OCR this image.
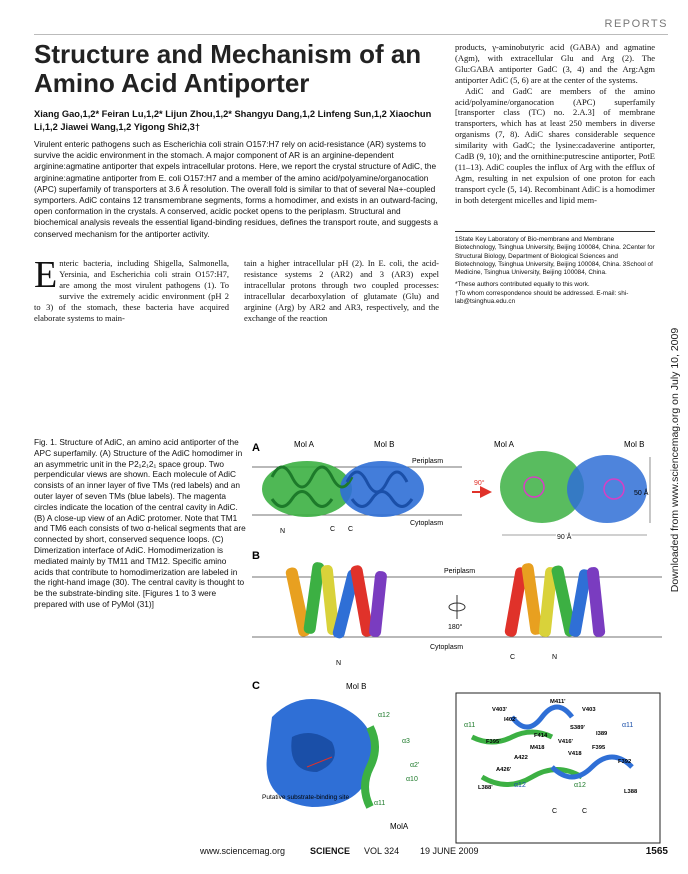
REPORTS
Structure and Mechanism of an Amino Acid Antiporter
Xiang Gao,1,2* Feiran Lu,1,2* Lijun Zhou,1,2* Shangyu Dang,1,2 Linfeng Sun,1,2 Xiaochun Li,1,2 Jiawei Wang,1,2 Yigong Shi2,3†

Virulent enteric pathogens such as Escherichia coli strain O157:H7 rely on acid-resistance (AR) systems to survive the acidic environment in the stomach. A major component of AR is an arginine-dependent arginine:agmatine antiporter that expels intracellular protons. Here, we report the crystal structure of AdiC, the arginine:agmatine antiporter from E. coli O157:H7 and a member of the amino acid/polyamine/organocation (APC) superfamily of transporters at 3.6 Å resolution. The overall fold is similar to that of several Na+-coupled symporters. AdiC contains 12 transmembrane segments, forms a homodimer, and exists in an outward-facing, open conformation in the crystals. A conserved, acidic pocket opens to the periplasm. Structural and biochemical analysis reveals the essential ligand-binding residues, defines the transport route, and suggests a conserved mechanism for the antiporter activity.

Enteric bacteria, including Shigella, Salmonella, Yersinia, and Escherichia coli strain O157:H7, are among the most virulent pathogens (1). To survive the extremely acidic environment (pH 2 to 3) of the stomach, these bacteria have acquired elaborate systems to main-
tain a higher intracellular pH (2). In E. coli, the acid-resistance systems 2 (AR2) and 3 (AR3) expel intracellular protons through two coupled processes: intracellular decarboxylation of glutamate (Glu) and arginine (Arg) by AR2 and AR3, respectively, and the exchange of the reaction

products, γ-aminobutyric acid (GABA) and agmatine (Agm), with extracellular Glu and Arg (2). The Glu:GABA antiporter GadC (3, 4) and the Arg:Agm antiporter AdiC (5, 6) are at the center of the systems.

AdiC and GadC are members of the amino acid/polyamine/organocation (APC) superfamily [transporter class (TC) no. 2.A.3] of membrane transporters, which has at least 250 members in diverse organisms (7, 8). AdiC shares considerable sequence similarity with GadC; the lysine:cadaverine antiporter, CadB (9, 10); and the ornithine:putrescine antiporter, PotE (11–13). AdiC couples the influx of Arg with the efflux of Agm, resulting in net expulsion of one proton for each transport cycle (5, 14). Recombinant AdiC is a homodimer in both detergent micelles and lipid mem-

1State Key Laboratory of Bio-membrane and Membrane Biotechnology, Tsinghua University, Beijing 100084, China. 2Center for Structural Biology, Department of Biological Sciences and Biotechnology, Tsinghua University, Beijing 100084, China. 3School of Medicine, Tsinghua University, Beijing 100084, China.

*These authors contributed equally to this work.

†To whom correspondence should be addressed. E-mail: shi-lab@tsinghua.edu.cn

Downloaded from www.sciencemag.org on July 10, 2009

Fig. 1. Structure of AdiC, an amino acid antiporter of the APC superfamily. (A) Structure of the AdiC homodimer in an asymmetric unit in the P2₁2₁2₁ space group. Two perpendicular views are shown. Each molecule of AdiC consists of an inner layer of five TMs (red labels) and an outer layer of seven TMs (blue labels). The magenta circles indicate the location of the central cavity in AdiC. (B) A close-up view of an AdiC protomer. Note that TM1 and TM6 each consists of two α-helical segments that are connected by short, conserved sequence loops. (C) Dimerization interface of AdiC. Homodimerization is mediated mainly by TM11 and TM12. Specific amino acids that contribute to homodimerization are labeled in the right-hand image (30). The central cavity is thought to be the substrate-binding site. [Figures 1 to 3 were prepared with use of PyMol (31)]

A	Mol A	Mol B
Periplasm
Cytoplasm
N	C C
90°
Mol A	Mol B
50 Å
90 Å
B
Periplasm
Cytoplasm
180°
N
C	N
C	Mol B
Putative substrate-binding site
α12
α3
α2'
α10
α11
MolA
V403'
M411'
V403
I402'
S389'
I389
F414
V416'
F395'
F395
M418
V418
A422
A426'
F392
L388'
L388
α11	α11
α12	α12
C	C
www.sciencemag.org	SCIENCE VOL 324 19 JUNE 2009	1565
